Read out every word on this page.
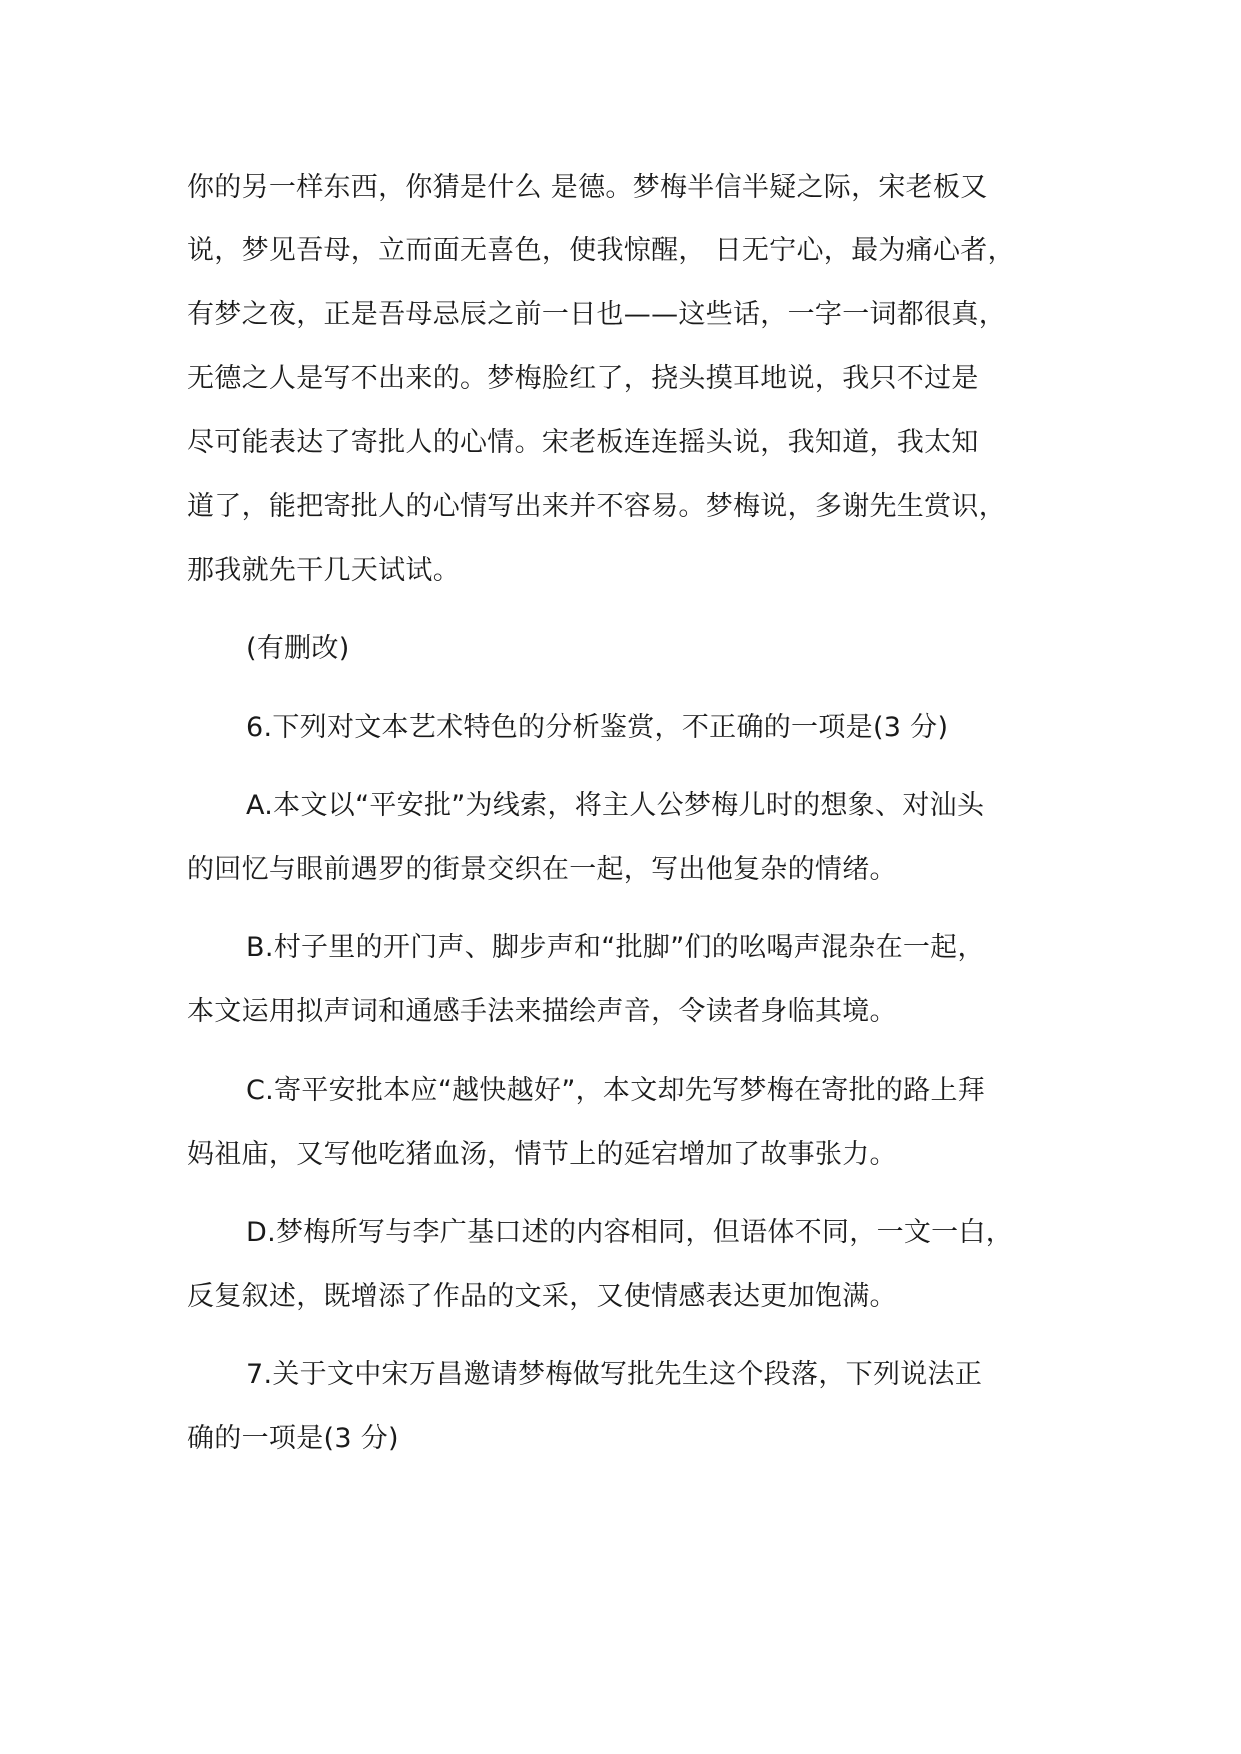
你的另一样东西，你猜是什么 是德。梦梅半信半疑之际，宋老板又
说，梦见吾母，立而面无喜色，使我惊醒， 日无宁心，最为痛心者，
有梦之夜，正是吾母忌辰之前一日也——这些话，一字一词都很真，
无德之人是写不出来的。梦梅脸红了，挠头摸耳地说，我只不过是
尽可能表达了寄批人的心情。宋老板连连摇头说，我知道，我太知
道了，能把寄批人的心情写出来并不容易。梦梅说，多谢先生赏识，
那我就先干几天试试。
(有删改)
6.下列对文本艺术特色的分析鉴赏，不正确的一项是(3 分)
A.本文以“平安批”为线索，将主人公梦梅儿时的想象、对汕头
的回忆与眼前遇罗的街景交织在一起，写出他复杂的情绪。
B.村子里的开门声、脚步声和“批脚”们的吆喝声混杂在一起，
本文运用拟声词和通感手法来描绘声音，令读者身临其境。
C.寄平安批本应“越快越好”，本文却先写梦梅在寄批的路上拜
妈祖庙，又写他吃猪血汤，情节上的延宕增加了故事张力。
D.梦梅所写与李广基口述的内容相同，但语体不同，一文一白，
反复叙述，既增添了作品的文采，又使情感表达更加饱满。
7.关于文中宋万昌邀请梦梅做写批先生这个段落，下列说法正
确的一项是(3 分)
